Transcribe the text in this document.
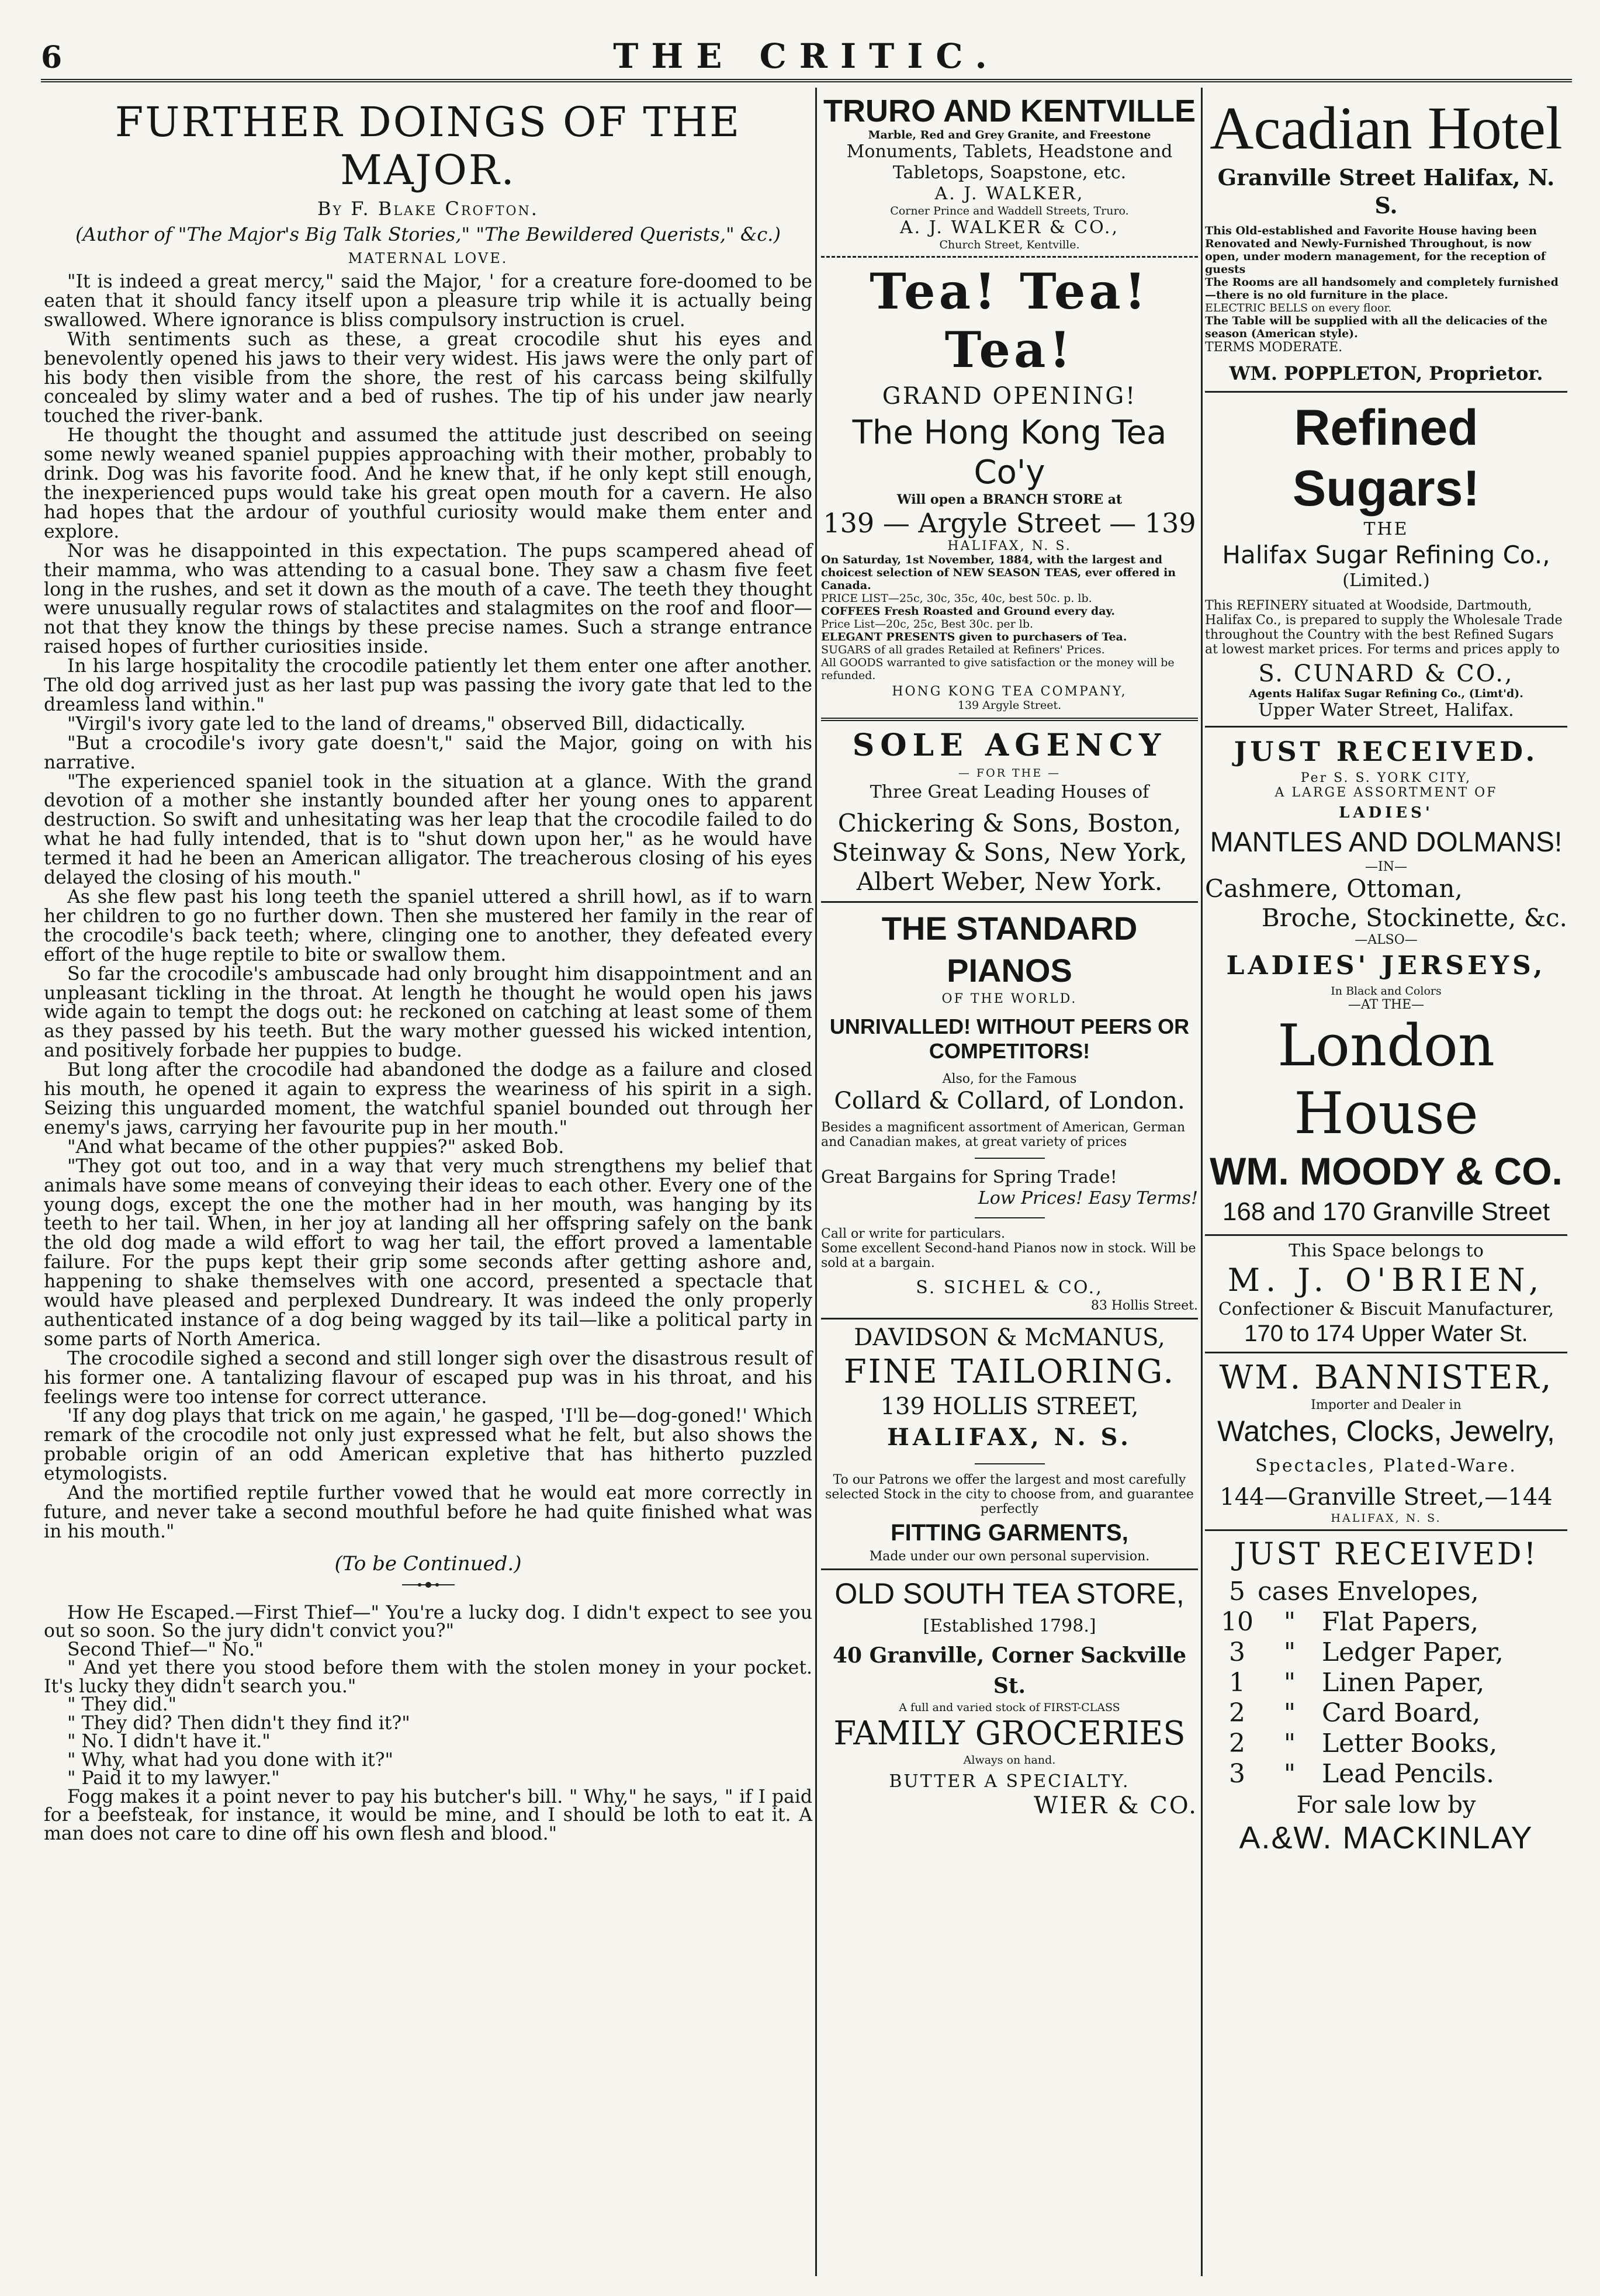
6	THE CRITIC.
FURTHER DOINGS OF THE MAJOR.
By F. Blake Crofton.
(Author of "The Major's Big Talk Stories," "The Bewildered Querists," &c.)
MATERNAL LOVE.

"It is indeed a great mercy," said the Major, ' for a creature fore-doomed to be eaten that it should fancy itself upon a pleasure trip while it is actually being swallowed. Where ignorance is bliss compulsory instruction is cruel.

With sentiments such as these, a great crocodile shut his eyes and benevolently opened his jaws to their very widest. His jaws were the only part of his body then visible from the shore, the rest of his carcass being skilfully concealed by slimy water and a bed of rushes. The tip of his under jaw nearly touched the river-bank.

He thought the thought and assumed the attitude just described on seeing some newly weaned spaniel puppies approaching with their mother, probably to drink. Dog was his favorite food. And he knew that, if he only kept still enough, the inexperienced pups would take his great open mouth for a cavern. He also had hopes that the ardour of youthful curiosity would make them enter and explore.

Nor was he disappointed in this expectation. The pups scampered ahead of their mamma, who was attending to a casual bone. They saw a chasm five feet long in the rushes, and set it down as the mouth of a cave. The teeth they thought were unusually regular rows of stalactites and stalagmites on the roof and floor—not that they know the things by these precise names. Such a strange entrance raised hopes of further curiosities inside.

In his large hospitality the crocodile patiently let them enter one after another. The old dog arrived just as her last pup was passing the ivory gate that led to the dreamless land within."

"Virgil's ivory gate led to the land of dreams," observed Bill, didactically.

"But a crocodile's ivory gate doesn't," said the Major, going on with his narrative.

"The experienced spaniel took in the situation at a glance. With the grand devotion of a mother she instantly bounded after her young ones to apparent destruction. So swift and unhesitating was her leap that the crocodile failed to do what he had fully intended, that is to "shut down upon her," as he would have termed it had he been an American alligator. The treacherous closing of his eyes delayed the closing of his mouth."

As she flew past his long teeth the spaniel uttered a shrill howl, as if to warn her children to go no further down. Then she mustered her family in the rear of the crocodile's back teeth; where, clinging one to another, they defeated every effort of the huge reptile to bite or swallow them.

So far the crocodile's ambuscade had only brought him disappointment and an unpleasant tickling in the throat. At length he thought he would open his jaws wide again to tempt the dogs out: he reckoned on catching at least some of them as they passed by his teeth. But the wary mother guessed his wicked intention, and positively forbade her puppies to budge.

But long after the crocodile had abandoned the dodge as a failure and closed his mouth, he opened it again to express the weariness of his spirit in a sigh. Seizing this unguarded moment, the watchful spaniel bounded out through her enemy's jaws, carrying her favourite pup in her mouth."

"And what became of the other puppies?" asked Bob.

"They got out too, and in a way that very much strengthens my belief that animals have some means of conveying their ideas to each other. Every one of the young dogs, except the one the mother had in her mouth, was hanging by its teeth to her tail. When, in her joy at landing all her offspring safely on the bank the old dog made a wild effort to wag her tail, the effort proved a lamentable failure. For the pups kept their grip some seconds after getting ashore and, happening to shake themselves with one accord, presented a spectacle that would have pleased and perplexed Dundreary. It was indeed the only properly authenticated instance of a dog being wagged by its tail—like a political party in some parts of North America.

The crocodile sighed a second and still longer sigh over the disastrous result of his former one. A tantalizing flavour of escaped pup was in his throat, and his feelings were too intense for correct utterance.

'If any dog plays that trick on me again,' he gasped, 'I'll be—dog-goned!' Which remark of the crocodile not only just expressed what he felt, but also shows the probable origin of an odd American expletive that has hitherto puzzled etymologists.

And the mortified reptile further vowed that he would eat more correctly in future, and never take a second mouthful before he had quite finished what was in his mouth."

(To be Continued.)

How He Escaped.—First Thief—" You're a lucky dog. I didn't expect to see you out so soon. So the jury didn't convict you?"

Second Thief—" No."

" And yet there you stood before them with the stolen money in your pocket. It's lucky they didn't search you."

" They did."

" They did? Then didn't they find it?"

" No. I didn't have it."

" Why, what had you done with it?"

" Paid it to my lawyer."

Fogg makes it a point never to pay his butcher's bill. " Why," he says, " if I paid for a beefsteak, for instance, it would be mine, and I should be loth to eat it. A man does not care to dine off his own flesh and blood."

TRURO AND KENTVILLE
Marble, Red and Grey Granite, and Freestone
Monuments, Tablets, Headstone and
Tabletops, Soapstone, etc.
A. J. WALKER,
Corner Prince and Waddell Streets, Truro.
A. J. WALKER & CO.,
Church Street, Kentville.
Tea! Tea! Tea!
GRAND OPENING!
The Hong Kong Tea Co'y
Will open a BRANCH STORE at
139 — Argyle Street — 139
HALIFAX, N. S.
On Saturday, 1st November, 1884, with the largest and choicest selection of NEW SEASON TEAS, ever offered in Canada.
PRICE LIST—25c, 30c, 35c, 40c, best 50c. p. lb.
COFFEES Fresh Roasted and Ground every day.
Price List—20c, 25c, Best 30c. per lb.
ELEGANT PRESENTS given to purchasers of Tea.
SUGARS of all grades Retailed at Refiners' Prices.
All GOODS warranted to give satisfaction or the money will be refunded.
HONG KONG TEA COMPANY,
139 Argyle Street.
SOLE AGENCY
— FOR THE —
Three Great Leading Houses of
Chickering & Sons, Boston,
Steinway & Sons, New York,
Albert Weber, New York.
THE STANDARD PIANOS
OF THE WORLD.
UNRIVALLED! WITHOUT PEERS OR COMPETITORS!
Also, for the Famous
Collard & Collard, of London.
Besides a magnificent assortment of American, German and Canadian makes, at great variety of prices
Great Bargains for Spring Trade!
Low Prices! Easy Terms!
Call or write for particulars.
Some excellent Second-hand Pianos now in stock. Will be sold at a bargain.
S. SICHEL & CO.,
83 Hollis Street.
DAVIDSON & McMANUS,
FINE TAILORING.
139 HOLLIS STREET,
HALIFAX, N. S.
To our Patrons we offer the largest and most carefully selected Stock in the city to choose from, and guarantee perfectly
FITTING GARMENTS,
Made under our own personal supervision.
OLD SOUTH TEA STORE,
[Established 1798.]
40 Granville, Corner Sackville St.
A full and varied stock of FIRST-CLASS
FAMILY GROCERIES
Always on hand.
BUTTER A SPECIALTY.
WIER & CO.
Acadian Hotel
Granville Street Halifax, N. S.
This Old-established and Favorite House having been Renovated and Newly-Furnished Throughout, is now open, under modern management, for the reception of guests
The Rooms are all handsomely and completely furnished—there is no old furniture in the place.
ELECTRIC BELLS on every floor.
The Table will be supplied with all the delicacies of the season (American style).
TERMS MODERATE.
WM. POPPLETON, Proprietor.
Refined Sugars!
THE
Halifax Sugar Refining Co.,
(Limited.)
This REFINERY situated at Woodside, Dartmouth, Halifax Co., is prepared to supply the Wholesale Trade throughout the Country with the best Refined Sugars at lowest market prices. For terms and prices apply to
S. CUNARD & CO.,
Agents Halifax Sugar Refining Co., (Limt'd).
Upper Water Street, Halifax.
JUST RECEIVED.
Per S. S. YORK CITY,
A LARGE ASSORTMENT OF
LADIES'
MANTLES AND DOLMANS!
—IN—
Cashmere, Ottoman,
Broche, Stockinette, &c.
—ALSO—
LADIES' JERSEYS,
In Black and Colors
—AT THE—
London House
WM. MOODY & CO.
168 and 170 Granville Street
This Space belongs to
M. J. O'BRIEN,
Confectioner & Biscuit Manufacturer,
170 to 174 Upper Water St.
WM. BANNISTER,
Importer and Dealer in
Watches, Clocks, Jewelry,
Spectacles, Plated-Ware.
144—Granville Street,—144
HALIFAX, N. S.
JUST RECEIVED!
5 cases Envelopes,
10	"	Flat Papers,
3	"	Ledger Paper,
1	"	Linen Paper,
2	"	Card Board,
2	"	Letter Books,
3	"	Lead Pencils.
For sale low by
A.&W. MACKINLAY
